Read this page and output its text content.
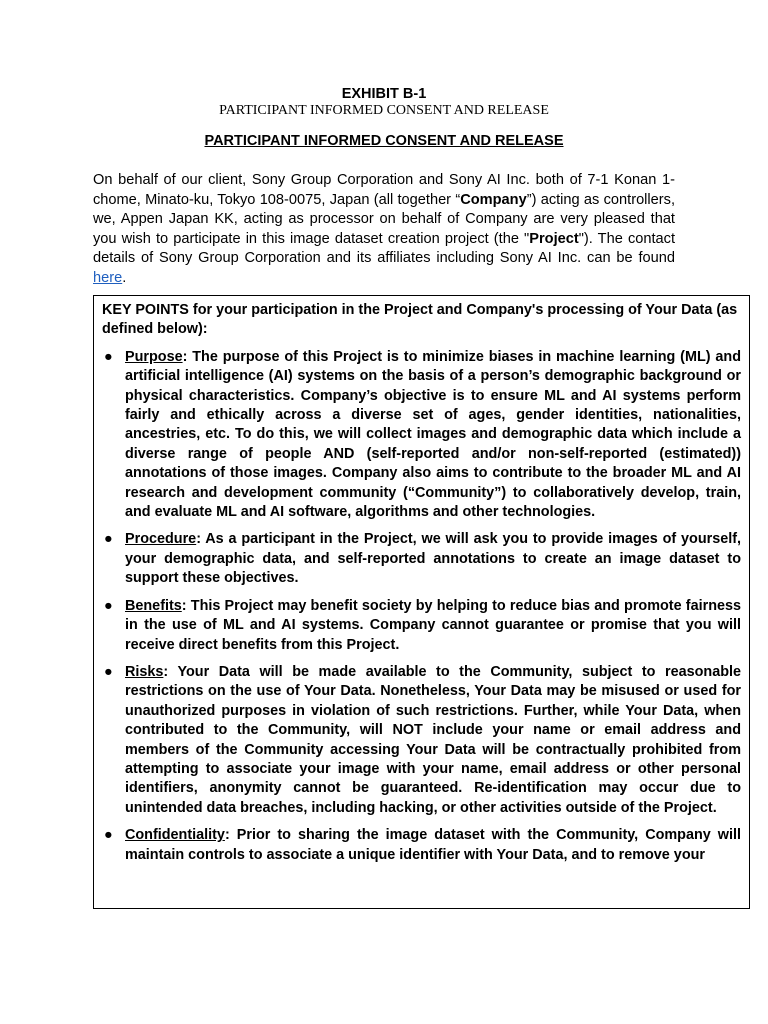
EXHIBIT B-1
PARTICIPANT INFORMED CONSENT AND RELEASE
PARTICIPANT INFORMED CONSENT AND RELEASE

On behalf of our client, Sony Group Corporation and Sony AI Inc. both of 7-1 Konan 1-chome, Minato-ku, Tokyo 108-0075, Japan (all together “Company”) acting as controllers, we, Appen Japan KK, acting as processor on behalf of Company are very pleased that you wish to participate in this image dataset creation project (the "Project"). The contact details of Sony Group Corporation and its affiliates including Sony AI Inc. can be found here.

KEY POINTS for your participation in the Project and Company's processing of Your Data (as defined below):

● Purpose: The purpose of this Project is to minimize biases in machine learning (ML) and artificial intelligence (AI) systems on the basis of a person’s demographic background or physical characteristics. Company’s objective is to ensure ML and AI systems perform fairly and ethically across a diverse set of ages, gender identities, nationalities, ancestries, etc. To do this, we will collect images and demographic data which include a diverse range of people AND (self-reported and/or non-self-reported (estimated)) annotations of those images. Company also aims to contribute to the broader ML and AI research and development community (“Community”) to collaboratively develop, train, and evaluate ML and AI software, algorithms and other technologies.
● Procedure: As a participant in the Project, we will ask you to provide images of yourself, your demographic data, and self-reported annotations to create an image dataset to support these objectives.
● Benefits: This Project may benefit society by helping to reduce bias and promote fairness in the use of ML and AI systems. Company cannot guarantee or promise that you will receive direct benefits from this Project.
● Risks: Your Data will be made available to the Community, subject to reasonable restrictions on the use of Your Data. Nonetheless, Your Data may be misused or used for unauthorized purposes in violation of such restrictions. Further, while Your Data, when contributed to the Community, will NOT include your name or email address and members of the Community accessing Your Data will be contractually prohibited from attempting to associate your image with your name, email address or other personal identifiers, anonymity cannot be guaranteed. Re-identification may occur due to unintended data breaches, including hacking, or other activities outside of the Project.
● Confidentiality: Prior to sharing the image dataset with the Community, Company will maintain controls to associate a unique identifier with Your Data, and to remove your
